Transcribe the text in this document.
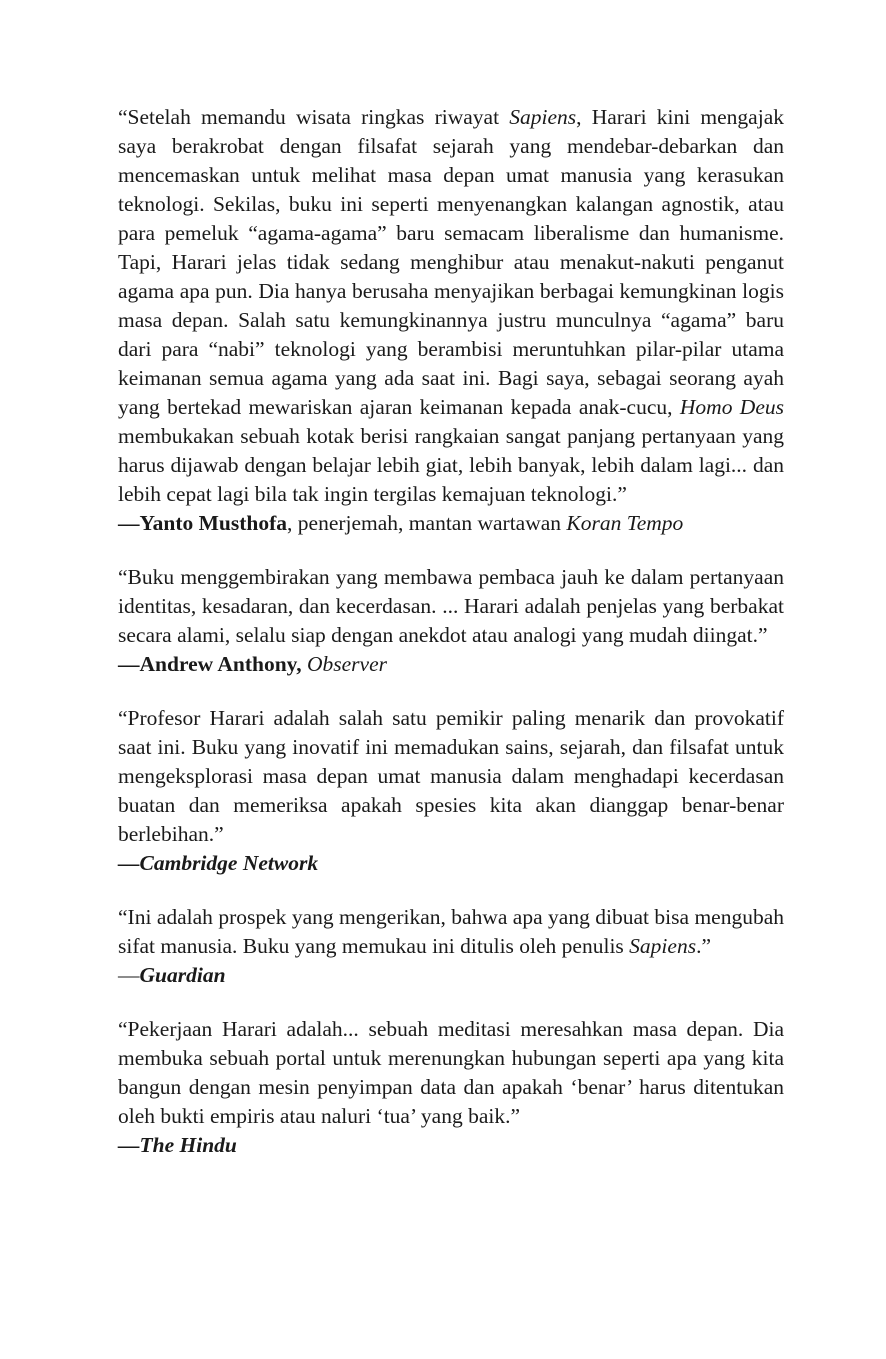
“Setelah memandu wisata ringkas riwayat Sapiens, Harari kini mengajak saya berakrobat dengan filsafat sejarah yang mendebar-debarkan dan mencemaskan untuk melihat masa depan umat manusia yang kerasukan teknologi. Sekilas, buku ini seperti menyenangkan kalangan agnostik, atau para pemeluk “agama-agama” baru semacam liberalisme dan humanisme. Tapi, Harari jelas tidak sedang menghibur atau menakut-nakuti penganut agama apa pun. Dia hanya berusaha menyajikan berbagai kemungkinan logis masa depan. Salah satu kemungkinannya justru munculnya “agama” baru dari para “nabi” teknologi yang berambisi meruntuhkan pilar-pilar utama keimanan semua agama yang ada saat ini. Bagi saya, sebagai seorang ayah yang bertekad mewariskan ajaran keimanan kepada anak-cucu, Homo Deus membukakan sebuah kotak berisi rangkaian sangat panjang pertanyaan yang harus dijawab dengan belajar lebih giat, lebih banyak, lebih dalam lagi... dan lebih cepat lagi bila tak ingin tergilas kemajuan teknologi.”

—Yanto Musthofa, penerjemah, mantan wartawan Koran Tempo

“Buku menggembirakan yang membawa pembaca jauh ke dalam pertanyaan identitas, kesadaran, dan kecerdasan. ... Harari adalah penjelas yang berbakat secara alami, selalu siap dengan anekdot atau analogi yang mudah diingat.”

—Andrew Anthony, Observer

“Profesor Harari adalah salah satu pemikir paling menarik dan provokatif saat ini. Buku yang inovatif ini memadukan sains, sejarah, dan filsafat untuk mengeksplorasi masa depan umat manusia dalam menghadapi kecerdasan buatan dan memeriksa apakah spesies kita akan dianggap benar-benar berlebihan.”

—Cambridge Network

“Ini adalah prospek yang mengerikan, bahwa apa yang dibuat bisa mengubah sifat manusia. Buku yang memukau ini ditulis oleh penulis Sapiens.”

—Guardian

“Pekerjaan Harari adalah... sebuah meditasi meresahkan masa depan. Dia membuka sebuah portal untuk merenungkan hubungan seperti apa yang kita bangun dengan mesin penyimpan data dan apakah ‘benar’ harus ditentukan oleh bukti empiris atau naluri ‘tua’ yang baik.”

—The Hindu
